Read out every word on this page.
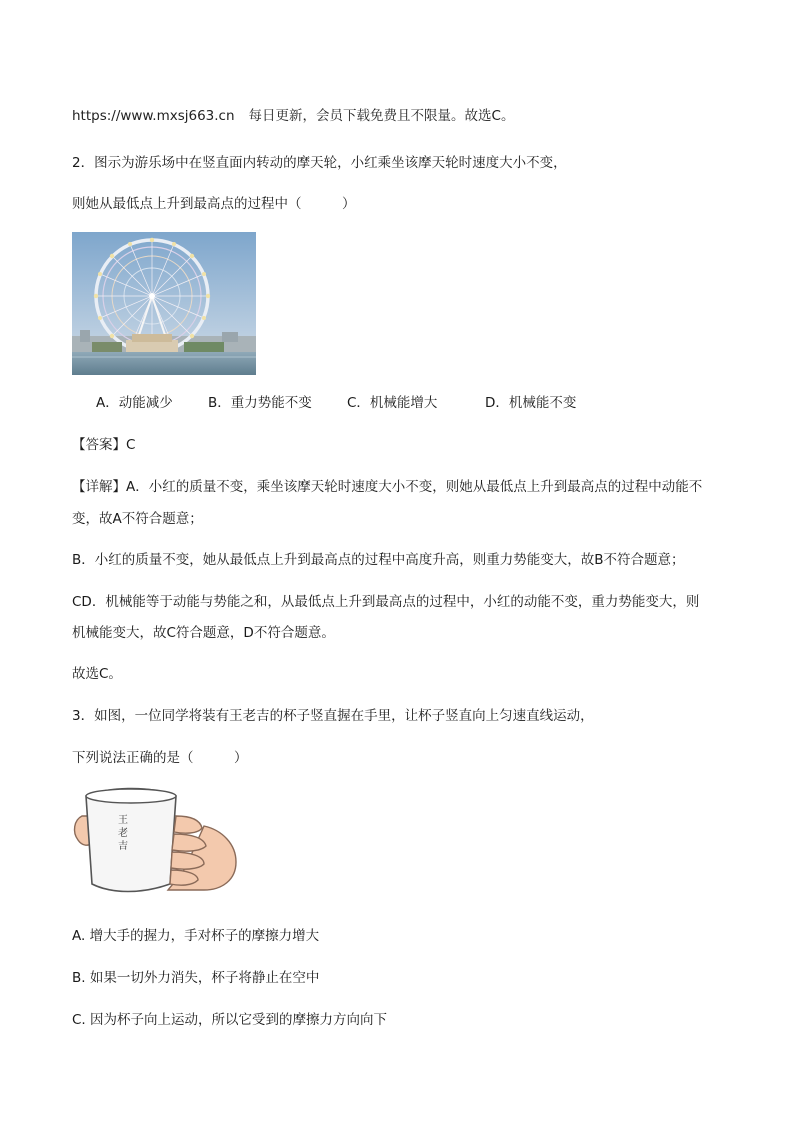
https://www.mxsj663.cn 每日更新，会员下载免费且不限量。故选C。
2．图示为游乐场中在竖直面内转动的摩天轮，小红乘坐该摩天轮时速度大小不变，
则她从最低点上升到最高点的过程中（　　　）
A．动能减少	B．重力势能不变	C．机械能增大	D．机械能不变
【答案】C
【详解】A．小红的质量不变，乘坐该摩天轮时速度大小不变，则她从最低点上升到最高点的过程中动能不
变，故A不符合题意；
B．小红的质量不变，她从最低点上升到最高点的过程中高度升高，则重力势能变大，故B不符合题意；
CD．机械能等于动能与势能之和，从最低点上升到最高点的过程中，小红的动能不变，重力势能变大，则
机械能变大，故C符合题意，D不符合题意。
故选C。
3．如图，一位同学将装有王老吉的杯子竖直握在手里，让杯子竖直向上匀速直线运动，
下列说法正确的是（　　　）
王
老
吉
A. 增大手的握力，手对杯子的摩擦力增大
B. 如果一切外力消失，杯子将静止在空中
C. 因为杯子向上运动，所以它受到的摩擦力方向向下
